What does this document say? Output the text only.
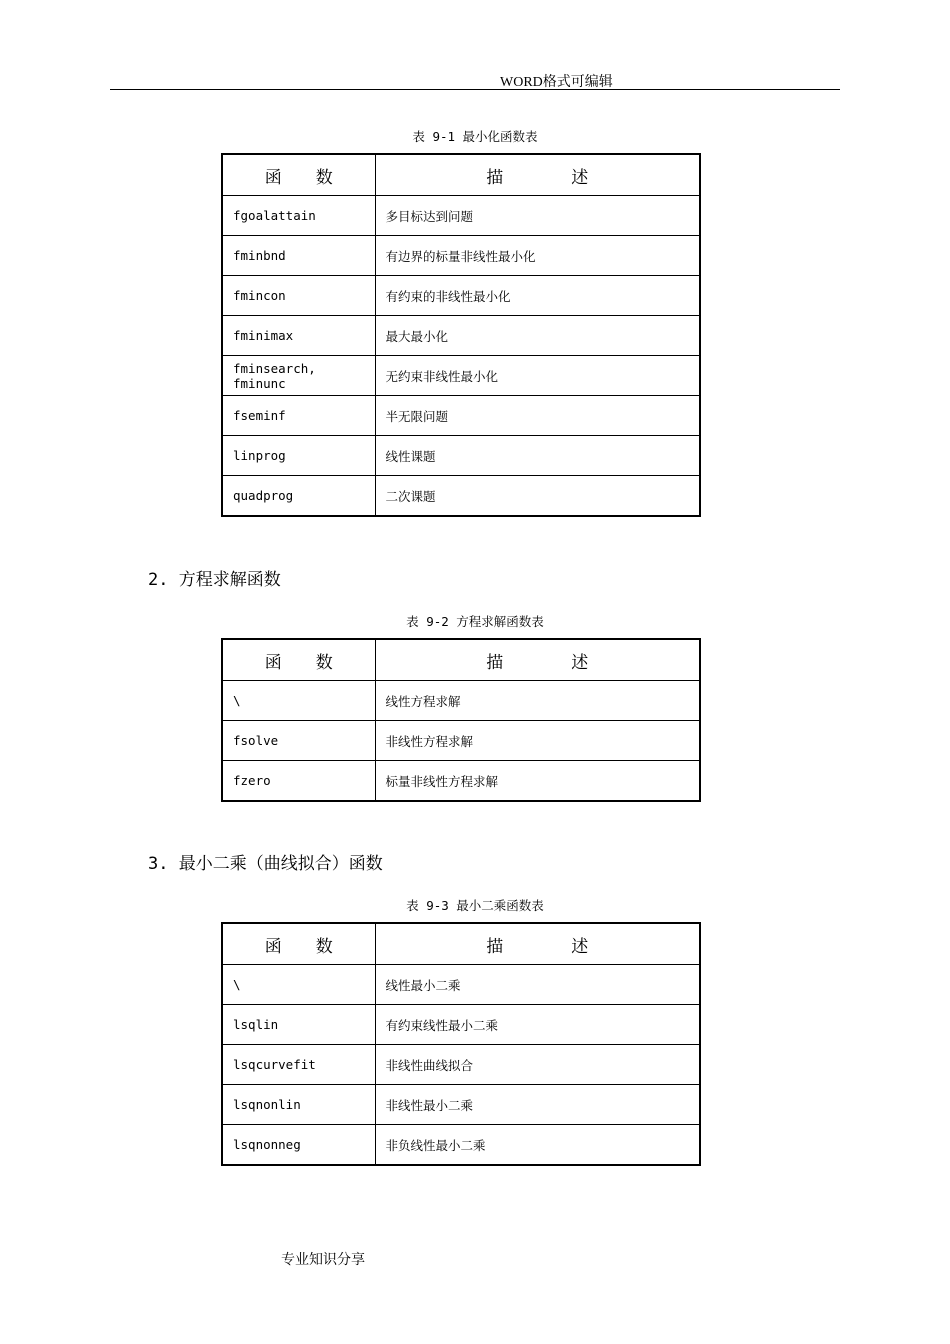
WORD格式可编辑
表 9-1 最小化函数表
函　　数	描　　　　述
fgoalattain	多目标达到问题
fminbnd	有边界的标量非线性最小化
fmincon	有约束的非线性最小化
fminimax	最大最小化
fminsearch, fminunc	无约束非线性最小化
fseminf	半无限问题
linprog	线性课题
quadprog	二次课题
2. 方程求解函数
表 9-2 方程求解函数表
函　　数	描　　　　述
\	线性方程求解
fsolve	非线性方程求解
fzero	标量非线性方程求解
3. 最小二乘（曲线拟合）函数
表 9-3 最小二乘函数表
函　　数	描　　　　述
\	线性最小二乘
lsqlin	有约束线性最小二乘
lsqcurvefit	非线性曲线拟合
lsqnonlin	非线性最小二乘
lsqnonneg	非负线性最小二乘
专业知识分享
